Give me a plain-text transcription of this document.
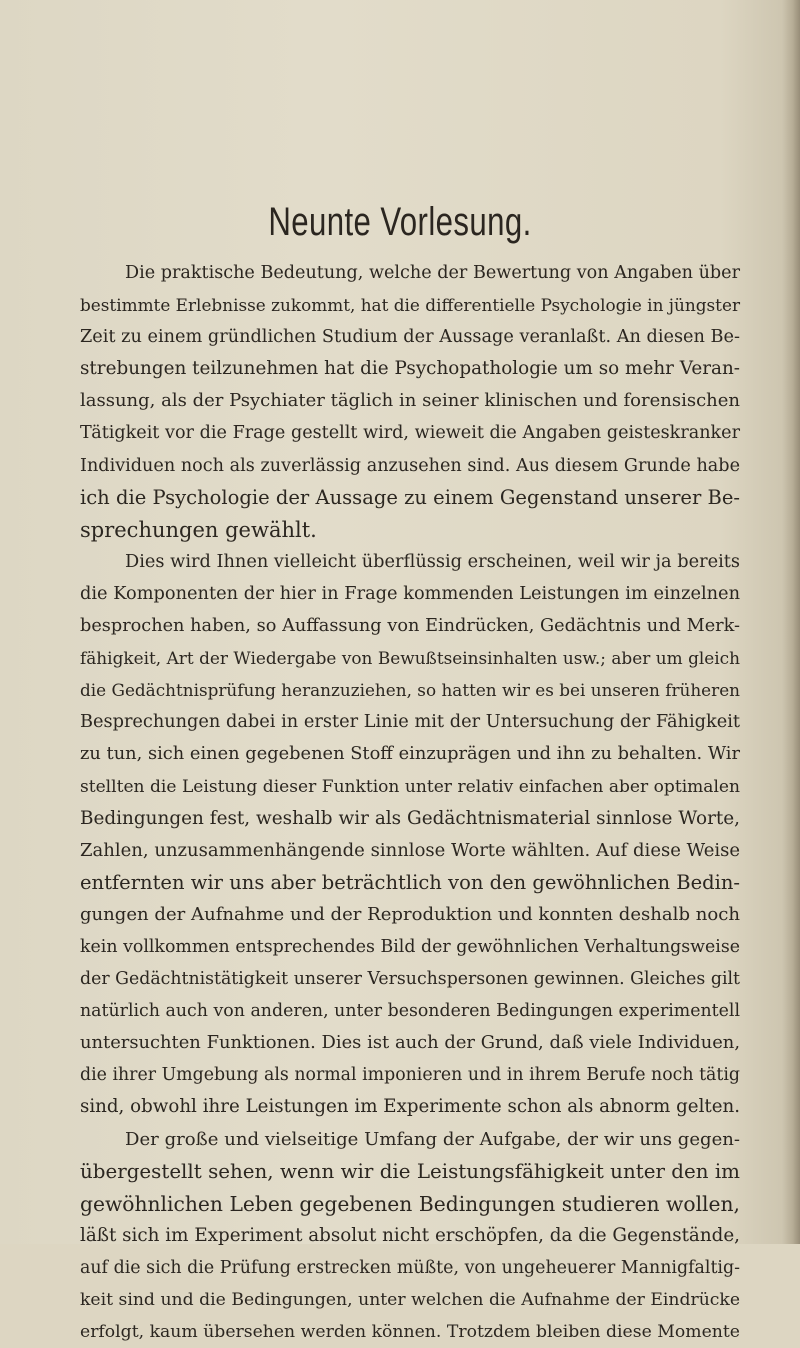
Neunte Vorlesung.
Die praktische Bedeutung, welche der Bewertung von Angaben über
bestimmte Erlebnisse zukommt, hat die differentielle Psychologie in jüngster
Zeit zu einem gründlichen Studium der Aussage veranlaßt. An diesen Be-
strebungen teilzunehmen hat die Psychopathologie um so mehr Veran-
lassung, als der Psychiater täglich in seiner klinischen und forensischen
Tätigkeit vor die Frage gestellt wird, wieweit die Angaben geisteskranker
Individuen noch als zuverlässig anzusehen sind. Aus diesem Grunde habe
ich die Psychologie der Aussage zu einem Gegenstand unserer Be-
sprechungen gewählt.
Dies wird Ihnen vielleicht überflüssig erscheinen, weil wir ja bereits
die Komponenten der hier in Frage kommenden Leistungen im einzelnen
besprochen haben, so Auffassung von Eindrücken, Gedächtnis und Merk-
fähigkeit, Art der Wiedergabe von Bewußtseinsinhalten usw.; aber um gleich
die Gedächtnisprüfung heranzuziehen, so hatten wir es bei unseren früheren
Besprechungen dabei in erster Linie mit der Untersuchung der Fähigkeit
zu tun, sich einen gegebenen Stoff einzuprägen und ihn zu behalten. Wir
stellten die Leistung dieser Funktion unter relativ einfachen aber optimalen
Bedingungen fest, weshalb wir als Gedächtnismaterial sinnlose Worte,
Zahlen, unzusammenhängende sinnlose Worte wählten. Auf diese Weise
entfernten wir uns aber beträchtlich von den gewöhnlichen Bedin-
gungen der Aufnahme und der Reproduktion und konnten deshalb noch
kein vollkommen entsprechendes Bild der gewöhnlichen Verhaltungsweise
der Gedächtnistätigkeit unserer Versuchspersonen gewinnen. Gleiches gilt
natürlich auch von anderen, unter besonderen Bedingungen experimentell
untersuchten Funktionen. Dies ist auch der Grund, daß viele Individuen,
die ihrer Umgebung als normal imponieren und in ihrem Berufe noch tätig
sind, obwohl ihre Leistungen im Experimente schon als abnorm gelten.
Der große und vielseitige Umfang der Aufgabe, der wir uns gegen-
übergestellt sehen, wenn wir die Leistungsfähigkeit unter den im
gewöhnlichen Leben gegebenen Bedingungen studieren wollen,
läßt sich im Experiment absolut nicht erschöpfen, da die Gegenstände,
auf die sich die Prüfung erstrecken müßte, von ungeheuerer Mannigfaltig-
keit sind und die Bedingungen, unter welchen die Aufnahme der Eindrücke
erfolgt, kaum übersehen werden können. Trotzdem bleiben diese Momente
